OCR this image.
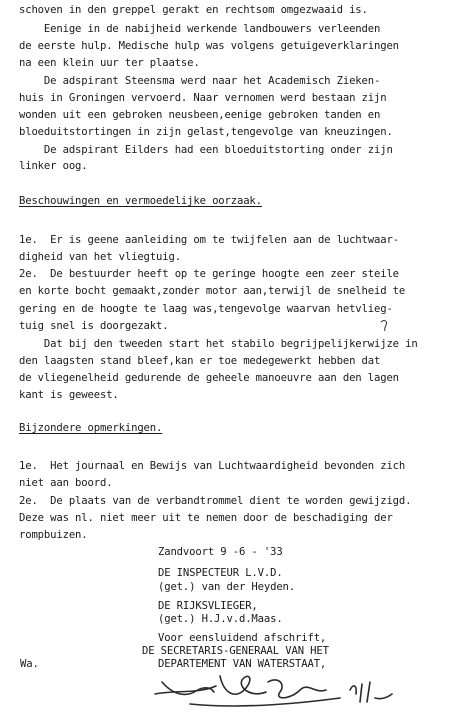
schoven in den greppel gerakt en rechtsom omgezwaaid is.
Eenige in de nabijheid werkende landbouwers verleenden
de eerste hulp. Medische hulp was volgens getuigeverklaringen
na een klein uur ter plaatse.
De adspirant Steensma werd naar het Academisch Zieken-
huis in Groningen vervoerd. Naar vernomen werd bestaan zijn
wonden uit een gebroken neusbeen,eenige gebroken tanden en
bloeduitstortingen in zijn gelast,tengevolge van kneuzingen.
De adspirant Eilders had een bloeduitstorting onder zijn
linker oog.
Beschouwingen en vermoedelijke oorzaak.
1e.  Er is geene aanleiding om te twijfelen aan de luchtwaar-
digheid van het vliegtuig.
2e.  De bestuurder heeft op te geringe hoogte een zeer steile
en korte bocht gemaakt,zonder motor aan,terwijl de snelheid te
gering en de hoogte te laag was,tengevolge waarvan hetvlieg-
tuig snel is doorgezakt.
Dat bij den tweeden start het stabilo begrijpelijkerwijze in
den laagsten stand bleef,kan er toe medegewerkt hebben dat
de vliegenelheid gedurende de geheele manoeuvre aan den lagen
kant is geweest.
Bijzondere opmerkingen.
1e.  Het journaal en Bewijs van Luchtwaardigheid bevonden zich
niet aan boord.
2e.  De plaats van de verbandtrommel dient te worden gewijzigd.
Deze was nl. niet meer uit te nemen door de beschadiging der
rompbuizen.
Zandvoort 9 -6 - '33
DE INSPECTEUR L.V.D.
(get.) van der Heyden.
DE RIJKSVLIEGER,
(get.) H.J.v.d.Maas.
Voor eensluidend afschrift,
DE SECRETARIS-GENERAAL VAN HET
Wa.	DEPARTEMENT VAN WATERSTAAT,
